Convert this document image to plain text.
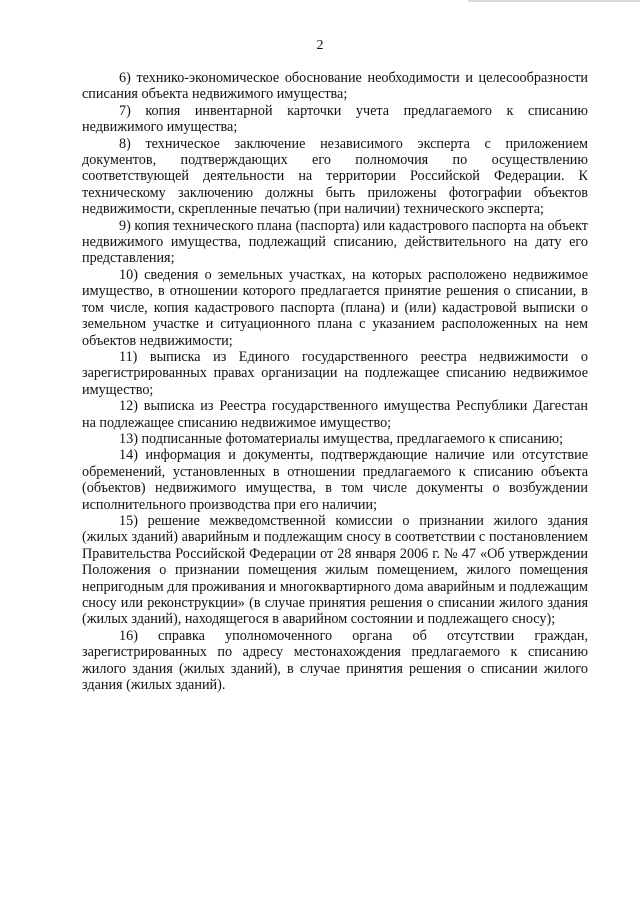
2

6) технико-экономическое обоснование необходимости и целесообразности списания объекта недвижимого имущества;

7) копия инвентарной карточки учета предлагаемого к списанию недвижимого имущества;

8) техническое заключение независимого эксперта с приложением документов, подтверждающих его полномочия по осуществлению соответствующей деятельности на территории Российской Федерации. К техническому заключению должны быть приложены фотографии объектов недвижимости, скрепленные печатью (при наличии) технического эксперта;

9) копия технического плана (паспорта) или кадастрового паспорта на объект недвижимого имущества, подлежащий списанию, действительного на дату его представления;

10) сведения о земельных участках, на которых расположено недвижимое имущество, в отношении которого предлагается принятие решения о списании, в том числе, копия кадастрового паспорта (плана) и (или) кадастровой выписки о земельном участке и ситуационного плана с указанием расположенных на нем объектов недвижимости;

11) выписка из Единого государственного реестра недвижимости о зарегистрированных правах организации на подлежащее списанию недвижимое имущество;

12) выписка из Реестра государственного имущества Республики Дагестан на подлежащее списанию недвижимое имущество;

13) подписанные фотоматериалы имущества, предлагаемого к списанию;

14) информация и документы, подтверждающие наличие или отсутствие обременений, установленных в отношении предлагаемого к списанию объекта (объектов) недвижимого имущества, в том числе документы о возбуждении исполнительного производства при его наличии;

15) решение межведомственной комиссии о признании жилого здания (жилых зданий) аварийным и подлежащим сносу в соответствии с постановлением Правительства Российской Федерации от 28 января 2006 г. № 47 «Об утверждении Положения о признании помещения жилым помещением, жилого помещения непригодным для проживания и многоквартирного дома аварийным и подлежащим сносу или реконструкции» (в случае принятия решения о списании жилого здания (жилых зданий), находящегося в аварийном состоянии и подлежащего сносу);

16) справка уполномоченного органа об отсутствии граждан, зарегистрированных по адресу местонахождения предлагаемого к списанию жилого здания (жилых зданий), в случае принятия решения о списании жилого здания (жилых зданий).
